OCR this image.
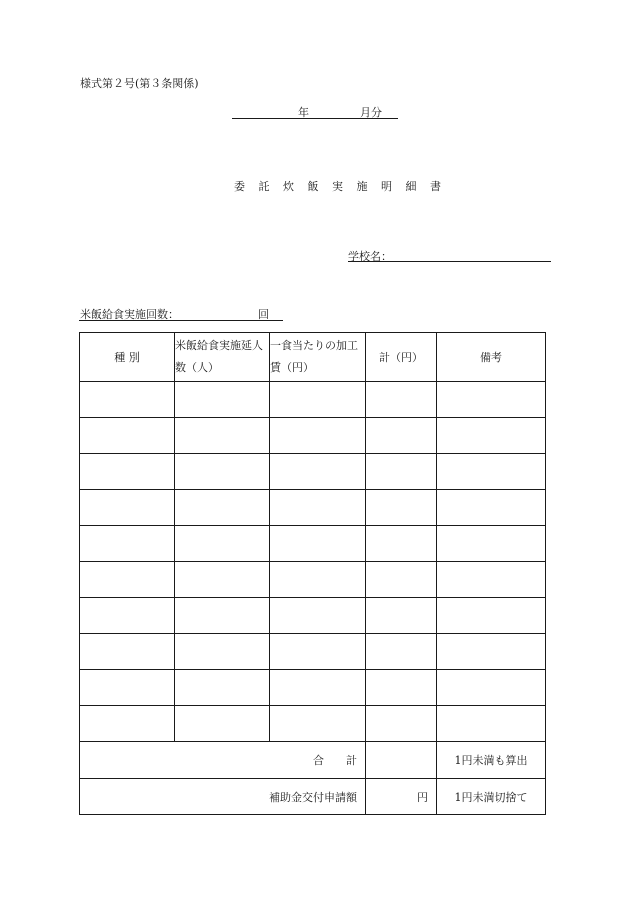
様式第２号(第３条関係)
年	月分
委 託 炊 飯 実 施 明 細 書
学校名：
米飯給食実施回数：	回
種 別	米飯給食実施延人数（人）	一食当たりの加工賃（円）	計（円）	備考

合　　計				1円未満も算出
補助金交付申請額			円	1円未満切捨て
